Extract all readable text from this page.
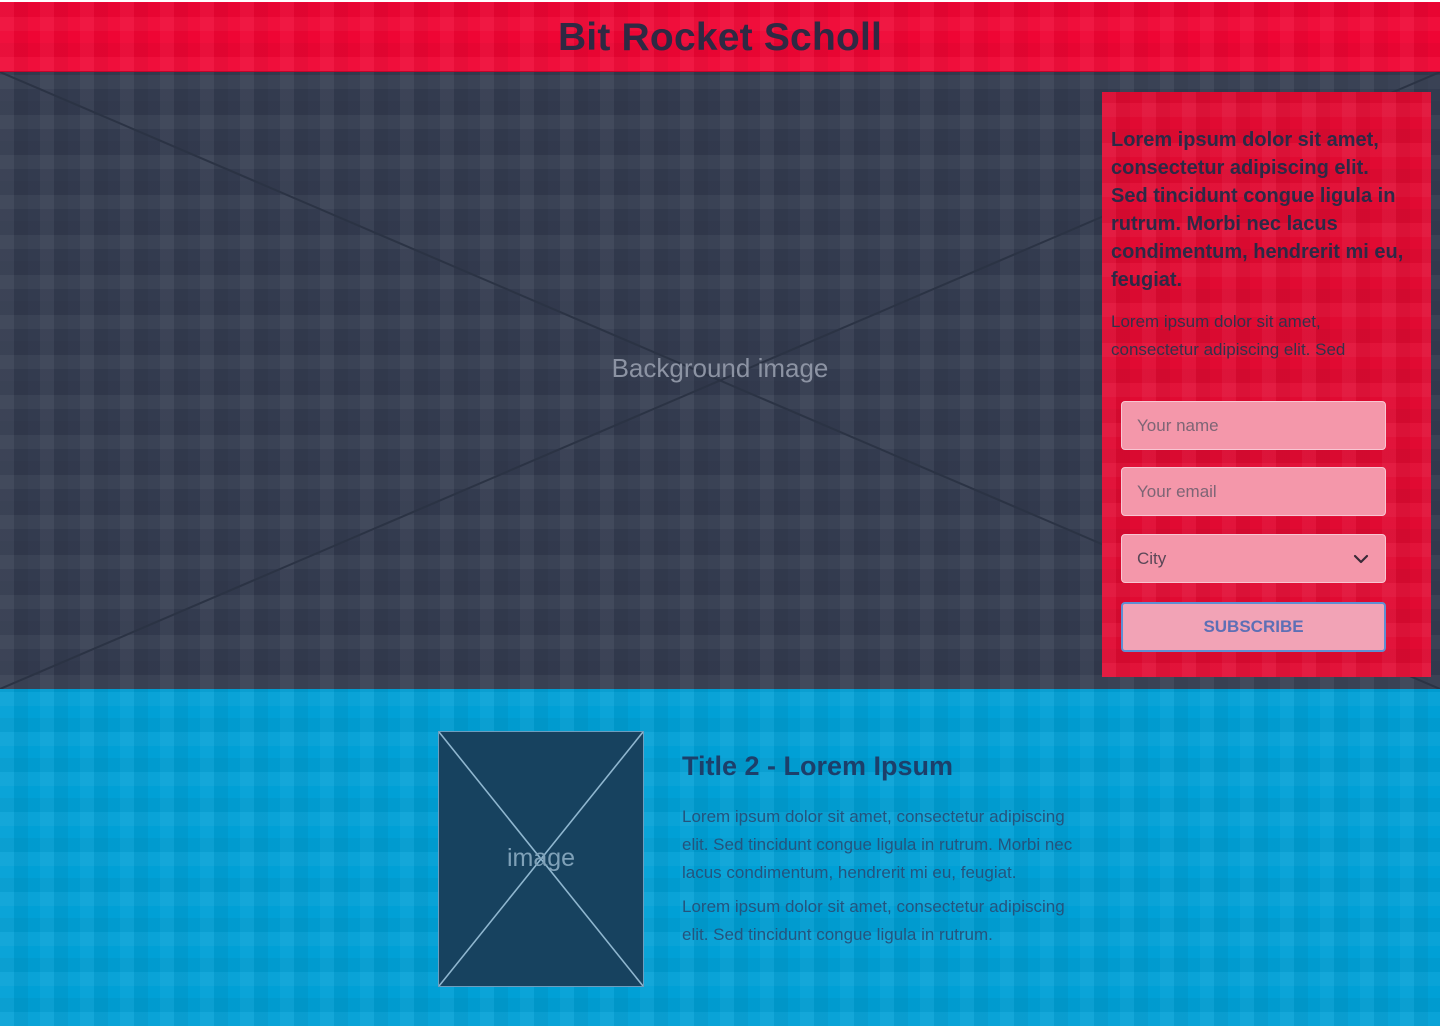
Bit Rocket Scholl
Background image

Lorem ipsum dolor sit amet, consectetur adipiscing elit. Sed tincidunt congue ligula in rutrum. Morbi nec lacus condimentum, hendrerit mi eu, feugiat.

Lorem ipsum dolor sit amet, consectetur adipiscing elit. Sed

Your name
Your email
City
SUBSCRIBE
image
Title 2 - Lorem Ipsum

Lorem ipsum dolor sit amet, consectetur adipiscing elit. Sed tincidunt congue ligula in rutrum. Morbi nec lacus condimentum, hendrerit mi eu, feugiat.

Lorem ipsum dolor sit amet, consectetur adipiscing elit. Sed tincidunt congue ligula in rutrum.
